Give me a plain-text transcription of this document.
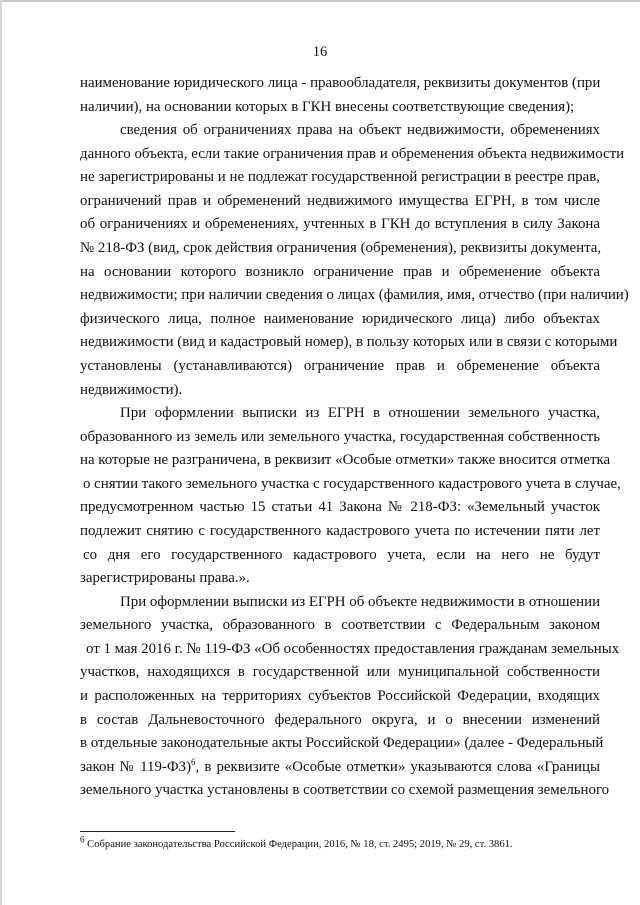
16
наименование юридического лица - правообладателя, реквизиты документов (при
наличии), на основании которых в ГКН внесены соответствующие сведения);
сведения об ограничениях права на объект недвижимости, обременениях
данного объекта, если такие ограничения прав и обременения объекта недвижимости
не зарегистрированы и не подлежат государственной регистрации в реестре прав,
ограничений прав и обременений недвижимого имущества ЕГРН, в том числе
об ограничениях и обременениях, учтенных в ГКН до вступления в силу Закона
№ 218-ФЗ (вид, срок действия ограничения (обременения), реквизиты документа,
на основании которого возникло ограничение прав и обременение объекта
недвижимости; при наличии сведения о лицах (фамилия, имя, отчество (при наличии)
физического лица, полное наименование юридического лица) либо объектах
недвижимости (вид и кадастровый номер), в пользу которых или в связи с которыми
установлены (устанавливаются) ограничение прав и обременение объекта
недвижимости).
При оформлении выписки из ЕГРН в отношении земельного участка,
образованного из земель или земельного участка, государственная собственность
на которые не разграничена, в реквизит «Особые отметки» также вносится отметка
о снятии такого земельного участка с государственного кадастрового учета в случае,
предусмотренном частью 15 статьи 41 Закона № 218-ФЗ: «Земельный участок
подлежит снятию с государственного кадастрового учета по истечении пяти лет
со дня его государственного кадастрового учета, если на него не будут
зарегистрированы права.».
При оформлении выписки из ЕГРН об объекте недвижимости в отношении
земельного участка, образованного в соответствии с Федеральным законом
от 1 мая 2016 г. № 119-ФЗ «Об особенностях предоставления гражданам земельных
участков, находящихся в государственной или муниципальной собственности
и расположенных на территориях субъектов Российской Федерации, входящих
в состав Дальневосточного федерального округа, и о внесении изменений
в отдельные законодательные акты Российской Федерации» (далее - Федеральный
закон № 119-ФЗ)$^6$, в реквизите «Особые отметки» указываются слова «Границы
земельного участка установлены в соответствии со схемой размещения земельного
$^6$ Собрание законодательства Российской Федерации, 2016, № 18, ст. 2495; 2019, № 29, ст. 3861.
